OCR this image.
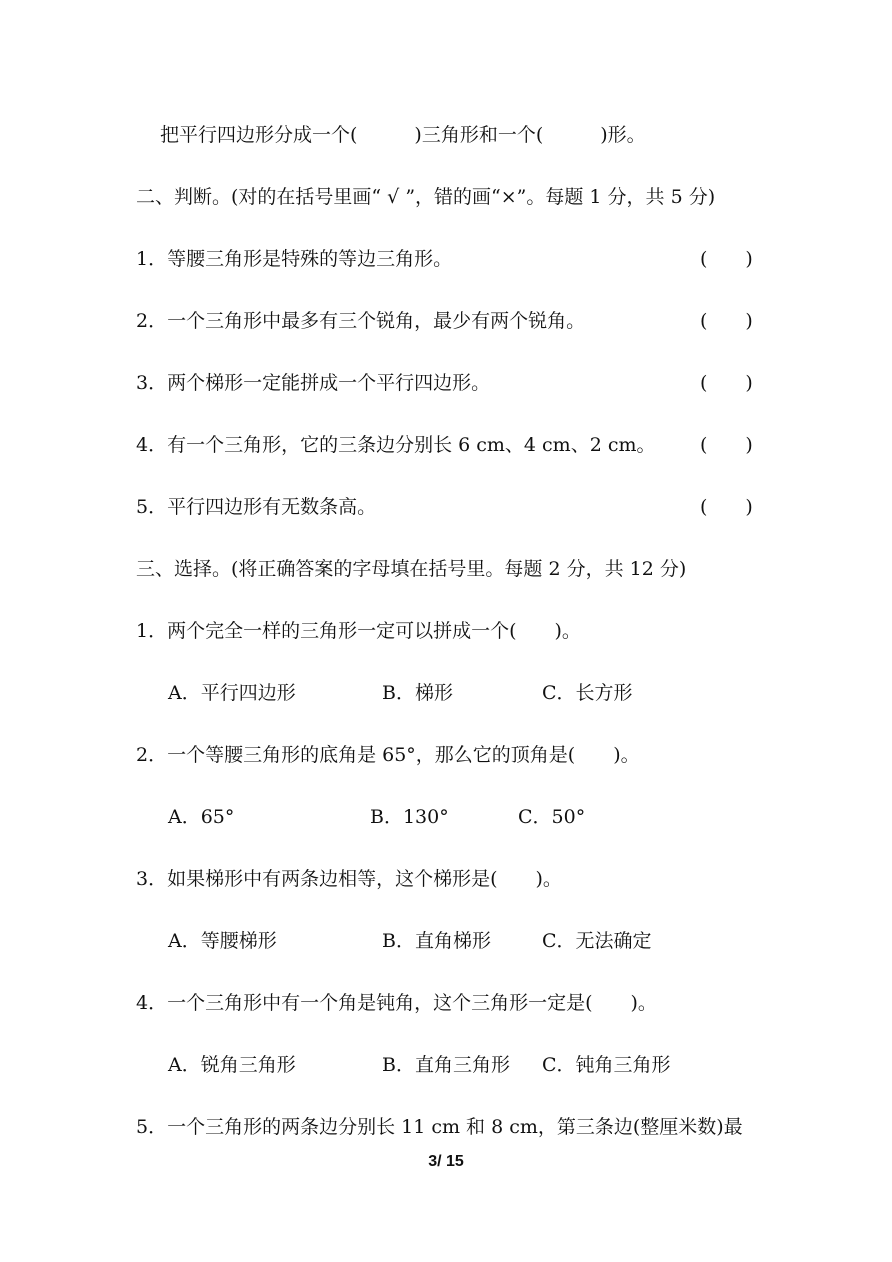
把平行四边形分成一个(　　　)三角形和一个(　　　)形。
二、判断。(对的在括号里画“ √ ”，错的画“×”。每题 1 分，共 5 分)
1．等腰三角形是特殊的等边三角形。	(　　)
2．一个三角形中最多有三个锐角，最少有两个锐角。	(　　)
3．两个梯形一定能拼成一个平行四边形。	(　　)
4．有一个三角形，它的三条边分别长 6 cm、4 cm、2 cm。 (　　)
5．平行四边形有无数条高。	(　　)
三、选择。(将正确答案的字母填在括号里。每题 2 分，共 12 分)
1．两个完全一样的三角形一定可以拼成一个(　　)。
A．平行四边形	B．梯形	C．长方形
2．一个等腰三角形的底角是 65°，那么它的顶角是(　　)。
A．65°	B．130°	C．50°
3．如果梯形中有两条边相等，这个梯形是(　　)。
A．等腰梯形	B．直角梯形	C．无法确定
4．一个三角形中有一个角是钝角，这个三角形一定是(　　)。
A．锐角三角形	B．直角三角形 C．钝角三角形
5．一个三角形的两条边分别长 11 cm 和 8 cm，第三条边(整厘米数)最
3/ 15
